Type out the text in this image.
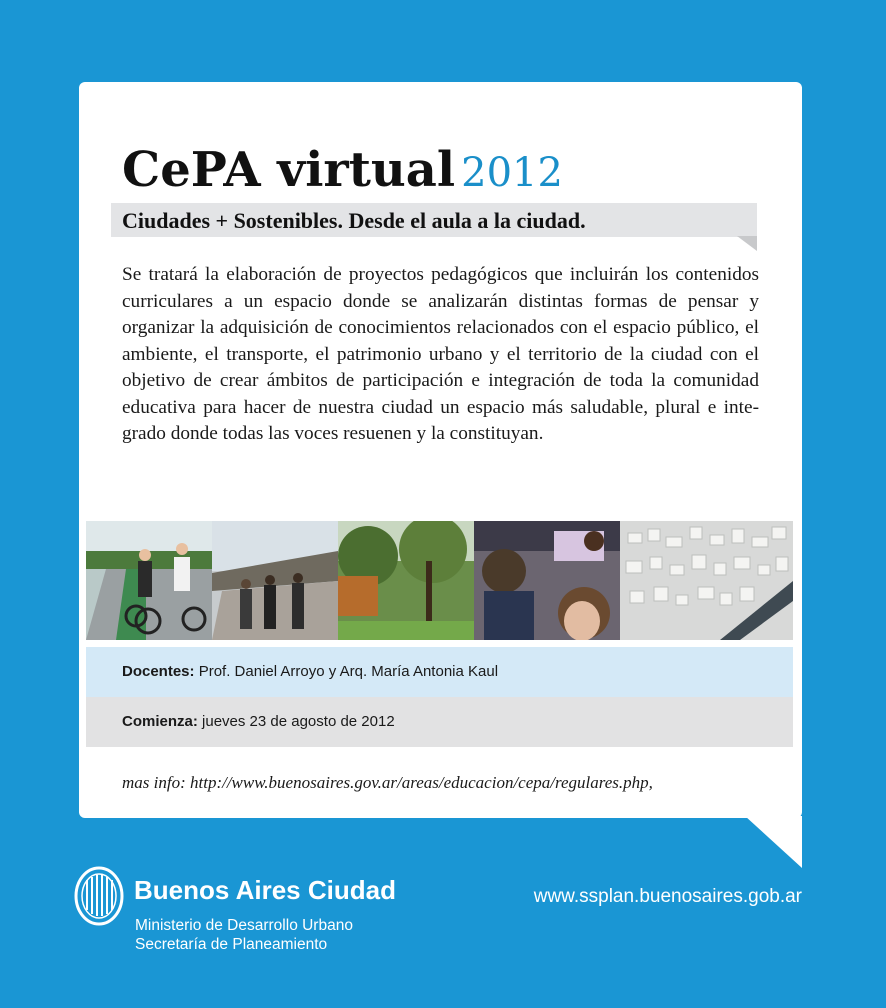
CePA virtual 2012
Ciudades + Sostenibles. Desde el aula a la ciudad.

Se tratará la elaboración de proyectos pedagógicos que incluirán los contenidos curriculares a un espacio donde se analizarán distintas formas de pensar y organizar la adquisición de conocimientos relacionados con el espacio público, el ambiente, el transporte, el patrimonio urbano y el territorio de la ciudad con el objetivo de crear ámbitos de participación e integración de toda la comunidad educativa para hacer de nuestra ciudad un espacio más saludable, plural e integrado donde todas las voces resuenen y la constituyan.

Docentes: Prof. Daniel Arroyo y Arq. María Antonia Kaul
Comienza: jueves 23 de agosto de 2012

mas info: http://www.buenosaires.gov.ar/areas/educacion/cepa/regulares.php,

Buenos Aires Ciudad
Ministerio de Desarrollo Urbano
Secretaría de Planeamiento
www.ssplan.buenosaires.gob.ar
